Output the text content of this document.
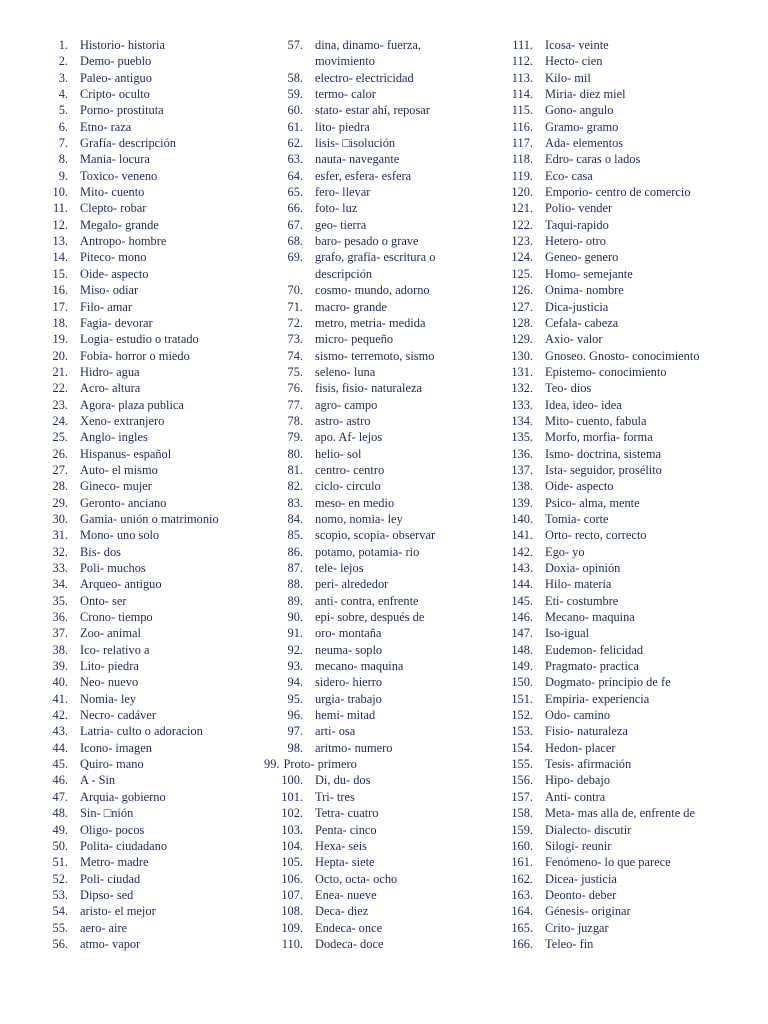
1. Historio- historia
2. Demo- pueblo
3. Paleo- antiguo
4. Cripto- oculto
5. Porno- prostituta
6. Etno- raza
7. Grafía- descripción
8. Mania- locura
9. Toxico- veneno
10. Mito- cuento
11. Clepto- robar
12. Megalo- grande
13. Antropo- hombre
14. Piteco- mono
15. Oide- aspecto
16. Miso- odiar
17. Filo- amar
18. Fagia- devorar
19. Logia- estudio o tratado
20. Fobia- horror o miedo
21. Hidro- agua
22. Acro- altura
23. Agora- plaza publica
24. Xeno- extranjero
25. Anglo- ingles
26. Hispanus- español
27. Auto- el mismo
28. Gineco- mujer
29. Geronto- anciano
30. Gamia- unión o matrimonio
31. Mono- uno solo
32. Bis- dos
33. Poli- muchos
34. Arqueo- antiguo
35. Onto- ser
36. Crono- tiempo
37. Zoo- animal
38. Ico- relativo a
39. Lito- piedra
40. Neo- nuevo
41. Nomia- ley
42. Necro- cadáver
43. Latria- culto o adoracion
44. Icono- imagen
45. Quiro- mano
46. A - Sin
47. Arquia- gobierno
48. Sin- □nión
49. Oligo- pocos
50. Polita- ciudadano
51. Metro- madre
52. Poli- ciudad
53. Dipso- sed
54. aristo- el mejor
55. aero- aire
56. atmo- vapor
57. dina, dinamo- fuerza, movimiento
58. electro- electricidad
59. termo- calor
60. stato- estar ahí, reposar
61. lito- piedra
62. lisis- □isolución
63. nauta- navegante
64. esfer, esfera- esfera
65. fero- llevar
66. foto- luz
67. geo- tierra
68. baro- pesado o grave
69. grafo, grafía- escritura o descripción
70. cosmo- mundo, adorno
71. macro- grande
72. metro, metria- medida
73. micro- pequeño
74. sismo- terremoto, sismo
75. seleno- luna
76. fisis, fisio- naturaleza
77. agro- campo
78. astro- astro
79. apo. Af- lejos
80. helio- sol
81. centro- centro
82. ciclo- circulo
83. meso- en medio
84. nomo, nomia- ley
85. scopio, scopia- observar
86. potamo, potamia- rio
87. tele- lejos
88. peri- alrededor
89. anti- contra, enfrente
90. epi- sobre, después de
91. oro- montaña
92. neuma- soplo
93. mecano- maquina
94. sidero- hierro
95. urgia- trabajo
96. hemi- mitad
97. arti- osa
98. aritmo- numero
99. Proto- primero
100. Di, du- dos
101. Tri- tres
102. Tetra- cuatro
103. Penta- cinco
104. Hexa- seis
105. Hepta- siete
106. Octo, octa- ocho
107. Enea- nueve
108. Deca- diez
109. Endeca- once
110. Dodeca- doce
111. Icosa- veinte
112. Hecto- cien
113. Kilo- mil
114. Miria- diez miel
115. Gono- angulo
116. Gramo- gramo
117. Ada- elementos
118. Edro- caras o lados
119. Eco- casa
120. Emporio- centro de comercio
121. Polio- vender
122. Taqui-rapido
123. Hetero- otro
124. Geneo- genero
125. Homo- semejante
126. Onima- nombre
127. Dica-justicia
128. Cefala- cabeza
129. Axio- valor
130. Gnoseo. Gnosto- conocimiento
131. Epistemo- conocimiento
132. Teo- dios
133. Idea, ideo- idea
134. Mito- cuento, fabula
135. Morfo, morfia- forma
136. Ismo- doctrina, sistema
137. Ista- seguidor, prosélito
138. Oide- aspecto
139. Psico- alma, mente
140. Tomia- corte
141. Orto- recto, correcto
142. Ego- yo
143. Doxia- opinión
144. Hilo- materia
145. Eti- costumbre
146. Mecano- maquina
147. Iso-igual
148. Eudemon- felicidad
149. Pragmato- practica
150. Dogmato- principio de fe
151. Empiria- experiencia
152. Odo- camino
153. Fisio- naturaleza
154. Hedon- placer
155. Tesis- afirmación
156. Hipo- debajo
157. Anti- contra
158. Meta- mas alla de, enfrente de
159. Dialecto- discutir
160. Silogi- reunir
161. Fenómeno- lo que parece
162. Dicea- justicia
163. Deonto- deber
164. Génesis- originar
165. Crito- juzgar
166. Teleo- fin
